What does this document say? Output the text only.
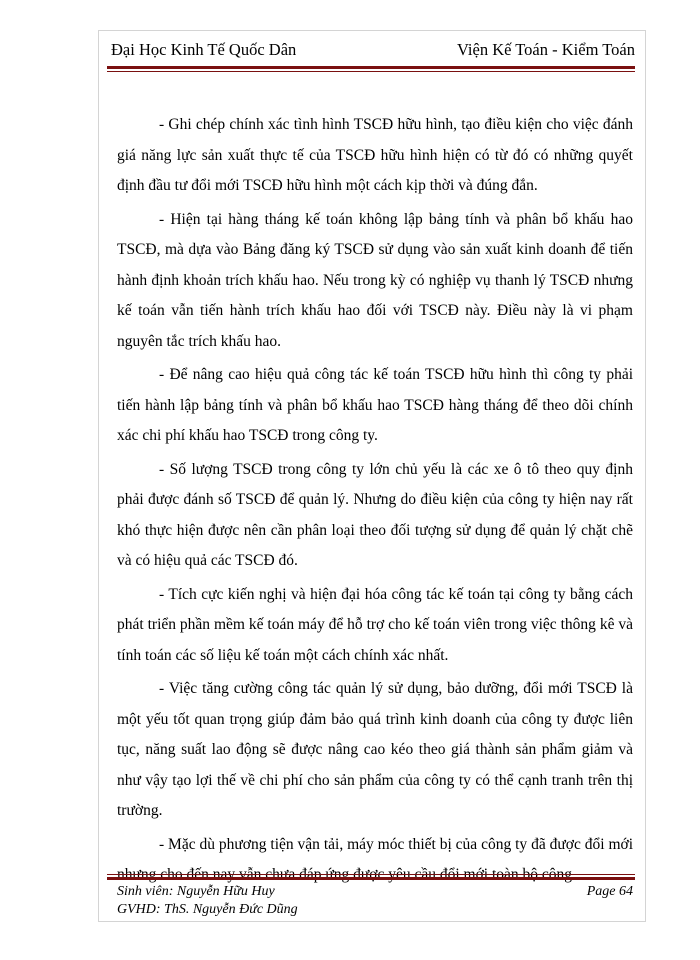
Đại Học Kinh Tế Quốc Dân	Viện Kế Toán - Kiểm Toán

- Ghi chép chính xác tình hình TSCĐ hữu hình, tạo điều kiện cho việc đánh giá năng lực sản xuất thực tế của TSCĐ hữu hình hiện có từ đó có những quyết định đầu tư đổi mới TSCĐ hữu hình một cách kịp thời và đúng đắn.

- Hiện tại hàng tháng kế toán không lập bảng tính và phân bổ khấu hao TSCĐ, mà dựa vào Bảng đăng ký TSCĐ sử dụng vào sản xuất kinh doanh để tiến hành định khoản trích khấu hao. Nếu trong kỳ có nghiệp vụ thanh lý TSCĐ nhưng kế toán vẫn tiến hành trích khấu hao đối với TSCĐ này. Điều này là vi phạm nguyên tắc trích khấu hao.

- Để nâng cao hiệu quả công tác kế toán TSCĐ hữu hình thì công ty phải tiến hành lập bảng tính và phân bổ khấu hao TSCĐ hàng tháng để theo dõi chính xác chi phí khấu hao TSCĐ trong công ty.

- Số lượng TSCĐ trong công ty lớn chủ yếu là các xe ô tô theo quy định phải được đánh số TSCĐ để quản lý. Nhưng do điều kiện của công ty hiện nay rất khó thực hiện được nên cần phân loại theo đối tượng sử dụng để quản lý chặt chẽ và có hiệu quả các TSCĐ đó.

- Tích cực kiến nghị và hiện đại hóa công tác kế toán tại công ty bằng cách phát triển phần mềm kế toán máy để hỗ trợ cho kế toán viên trong việc thông kê và tính toán các số liệu kế toán một cách chính xác nhất.

- Việc tăng cường công tác quản lý sử dụng, bảo dưỡng, đổi mới TSCĐ là một yếu tốt quan trọng giúp đảm bảo quá trình kinh doanh của công ty được liên tục, năng suất lao động sẽ được nâng cao kéo theo giá thành sản phẩm giảm và như vậy tạo lợi thế về chi phí cho sản phẩm của công ty có thể cạnh tranh trên thị trường.

- Mặc dù phương tiện vận tải, máy móc thiết bị của công ty đã được đổi mới

Sinh viên: Nguyễn Hữu Huy
GVHD: ThS. Nguyễn Đức Dũng
Page 64
